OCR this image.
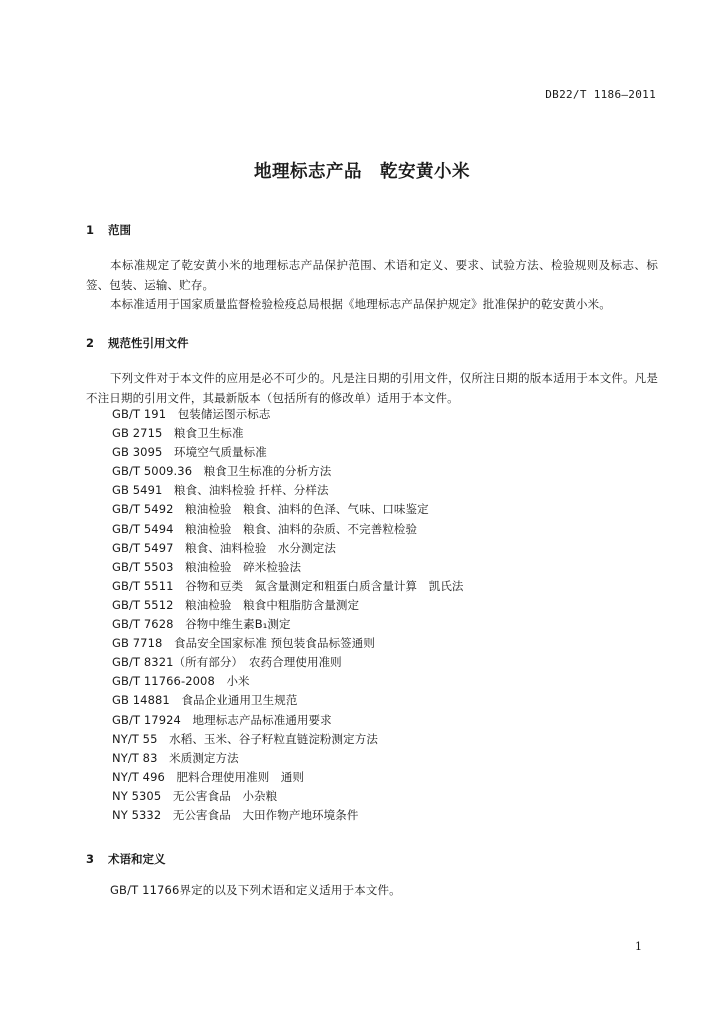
DB22/T 1186—2011
地理标志产品　乾安黄小米
1 范围
本标准规定了乾安黄小米的地理标志产品保护范围、术语和定义、要求、试验方法、检验规则及标志、标签、包装、运输、贮存。
本标准适用于国家质量监督检验检疫总局根据《地理标志产品保护规定》批准保护的乾安黄小米。
2 规范性引用文件
下列文件对于本文件的应用是必不可少的。凡是注日期的引用文件，仅所注日期的版本适用于本文件。凡是不注日期的引用文件，其最新版本（包括所有的修改单）适用于本文件。
GB/T 191　包装储运图示标志
GB 2715　粮食卫生标准
GB 3095　环境空气质量标准
GB/T 5009.36　粮食卫生标准的分析方法
GB 5491　粮食、油料检验 扦样、分样法
GB/T 5492　粮油检验　粮食、油料的色泽、气味、口味鉴定
GB/T 5494　粮油检验　粮食、油料的杂质、不完善粒检验
GB/T 5497　粮食、油料检验　水分测定法
GB/T 5503　粮油检验　碎米检验法
GB/T 5511　谷物和豆类　氮含量测定和粗蛋白质含量计算　凯氏法
GB/T 5512　粮油检验　粮食中粗脂肪含量测定
GB/T 7628　谷物中维生素B₁测定
GB 7718　食品安全国家标准 预包装食品标签通则
GB/T 8321（所有部分）　农药合理使用准则
GB/T 11766-2008　小米
GB 14881　食品企业通用卫生规范
GB/T 17924　地理标志产品标准通用要求
NY/T 55　水稻、玉米、谷子籽粒直链淀粉测定方法
NY/T 83　米质测定方法
NY/T 496　肥料合理使用准则　通则
NY 5305　无公害食品　小杂粮
NY 5332　无公害食品　大田作物产地环境条件
3 术语和定义
GB/T 11766界定的以及下列术语和定义适用于本文件。
1
